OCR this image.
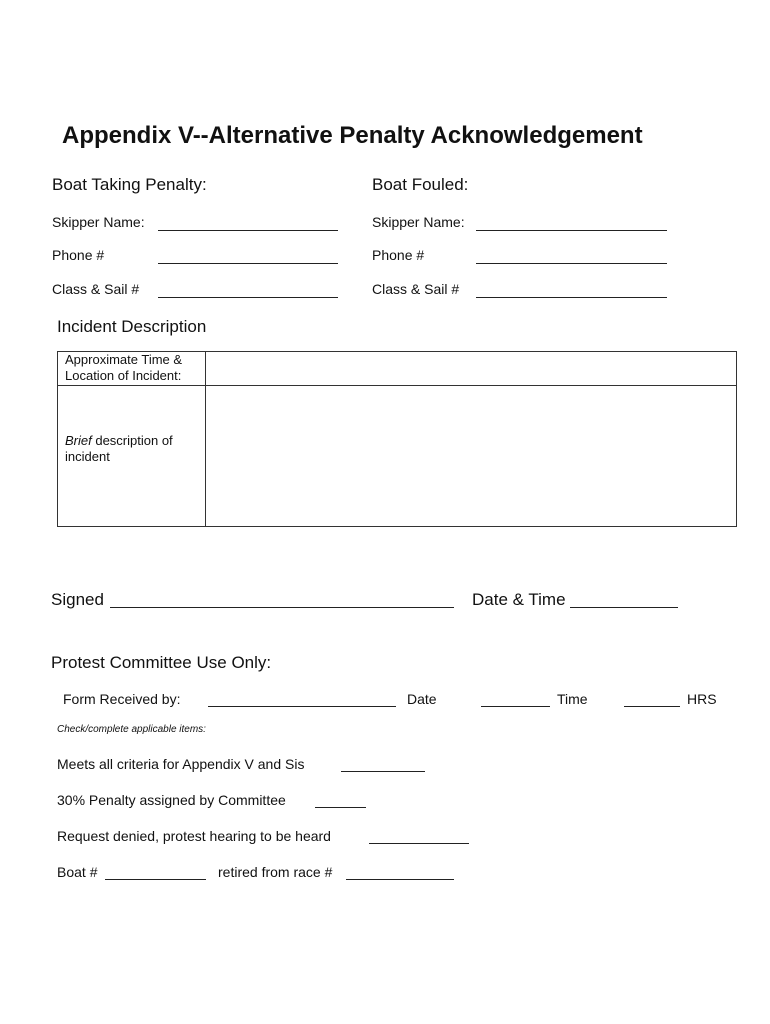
Appendix V--Alternative Penalty Acknowledgement
Boat Taking Penalty:
Skipper Name:
Phone #
Class & Sail #
Boat Fouled:
Skipper Name:
Phone #
Class & Sail #
Incident Description
Approximate Time &
Location of Incident:
Brief description of
incident
Signed	Date & Time
Protest Committee Use Only:
Form Received by:	Date	Time	HRS
Check/complete applicable items:
Meets all criteria for Appendix V and Sis
30% Penalty assigned by Committee
Request denied, protest hearing to be heard
Boat #	retired from race #
